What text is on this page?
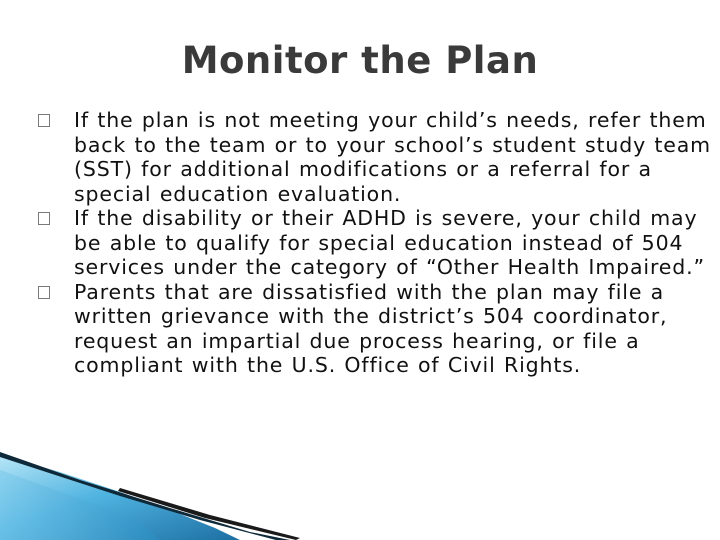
Monitor the Plan
If the plan is not meeting your child’s needs, refer them back to the team or to your school’s student study team (SST) for additional modifications or a referral for a special education evaluation.
If the disability or their ADHD is severe, your child may be able to qualify for special education instead of 504 services under the category of “Other Health Impaired.”
Parents that are dissatisfied with the plan may file a written grievance with the district’s 504 coordinator, request an impartial due process hearing, or file a compliant with the U.S. Office of Civil Rights.
